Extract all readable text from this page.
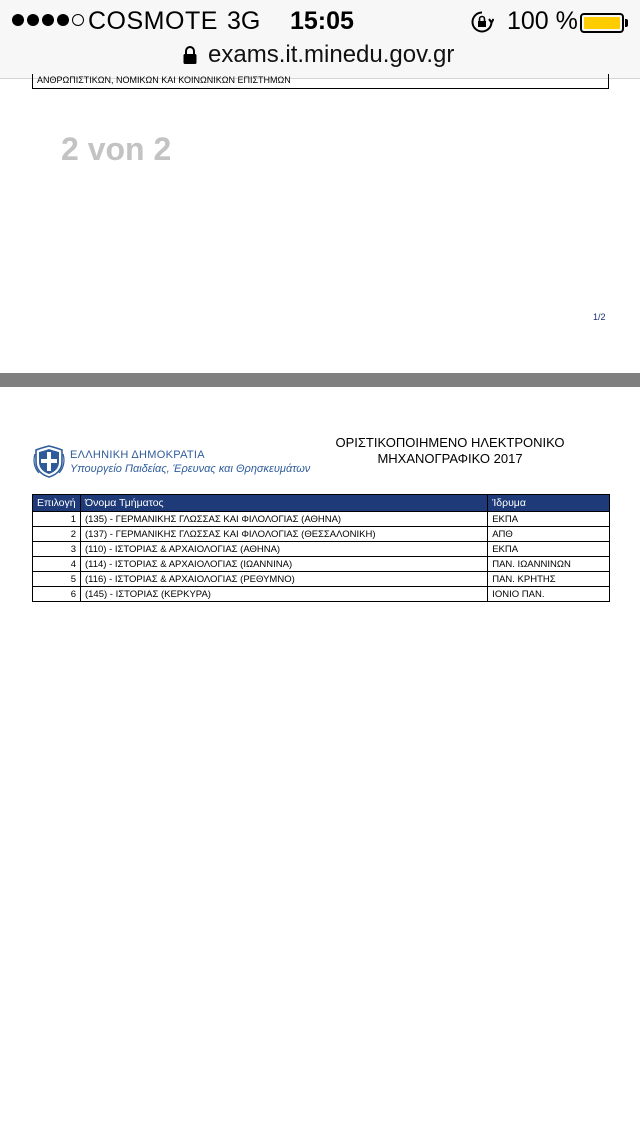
COSMOTE 3G 15:05	100 %
exams.it.minedu.gov.gr
ΑΝΘΡΩΠΙΣΤΙΚΩΝ, ΝΟΜΙΚΩΝ ΚΑΙ ΚΟΙΝΩΝΙΚΩΝ ΕΠΙΣΤΗΜΩΝ
2 von 2
1/2
ΕΛΛΗΝΙΚΗ ΔΗΜΟΚΡΑΤΙΑ
Υπουργείο Παιδείας, Έρευνας και Θρησκευμάτων
ΟΡΙΣΤΙΚΟΠΟΙΗΜΕΝΟ ΗΛΕΚΤΡΟΝΙΚΟ
ΜΗΧΑΝΟΓΡΑΦΙΚΟ 2017
Επιλογή	Όνομα Τμήματος	Ίδρυμα
1	(135) - ΓΕΡΜΑΝΙΚΗΣ ΓΛΩΣΣΑΣ ΚΑΙ ΦΙΛΟΛΟΓΙΑΣ (ΑΘΗΝΑ)	ΕΚΠΑ
2	(137) - ΓΕΡΜΑΝΙΚΗΣ ΓΛΩΣΣΑΣ ΚΑΙ ΦΙΛΟΛΟΓΙΑΣ (ΘΕΣΣΑΛΟΝΙΚΗ)	ΑΠΘ
3	(110) - ΙΣΤΟΡΙΑΣ & ΑΡΧΑΙΟΛΟΓΙΑΣ (ΑΘΗΝΑ)	ΕΚΠΑ
4	(114) - ΙΣΤΟΡΙΑΣ & ΑΡΧΑΙΟΛΟΓΙΑΣ (ΙΩΑΝΝΙΝΑ)	ΠΑΝ. ΙΩΑΝΝΙΝΩΝ
5	(116) - ΙΣΤΟΡΙΑΣ & ΑΡΧΑΙΟΛΟΓΙΑΣ (ΡΕΘΥΜΝΟ)	ΠΑΝ. ΚΡΗΤΗΣ
6	(145) - ΙΣΤΟΡΙΑΣ (ΚΕΡΚΥΡΑ)	ΙΟΝΙΟ ΠΑΝ.
